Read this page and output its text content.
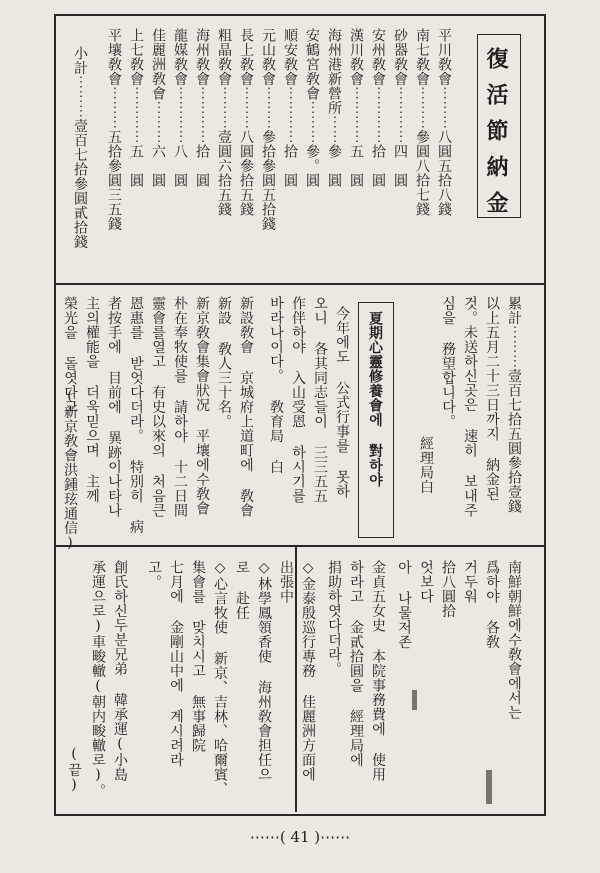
復活節納金
平川敎會⋯⋯⋯八圓五拾八錢
南七敎會⋯⋯⋯參圓八拾七錢
砂器敎會⋯⋯⋯⋯四　圓
安州敎會⋯⋯⋯⋯拾　圓
漢川敎會⋯⋯⋯⋯五　圓
海州港新營所⋯⋯參　圓
安鶴宮敎會⋯⋯⋯參。圓
順安敎會⋯⋯⋯⋯拾　圓
元山敎會⋯⋯⋯參拾參圓五拾錢
長上敎會⋯⋯⋯八圓參拾五錢
粗晶敎會⋯⋯⋯壹圓六拾五錢
海州敎會⋯⋯⋯⋯拾　圓
龍媒敎會⋯⋯⋯⋯八　圓
佳麗洲敎會⋯⋯⋯六　圓
上七敎會⋯⋯⋯⋯五　圓
平壤敎會⋯⋯⋯五拾參圓三五錢
小計⋯⋯⋯壹百七拾參圓貳拾錢
累計⋯⋯⋯壹百七拾五圓參拾壹錢
以上五月二十三日까지 納金된
것。未送하신곳은 速히 보내주
심을 務望합니다。
經理局白
夏期心靈修養會에 對하야
今年에도 公式行事를 못하
오니 各其同志들이 三三五五
作伴하야 入山受恩 하시기를
바라나이다。 敎育局 白
新設敎會 京城府上道町에 敎會
新設 敎人三十名。
新京敎會集會狀况 平壤에수敎會
朴在奉牧使를 請하야 十二日間
靈會를열고 有史以來의 처음큰
恩惠를 받엇다더라。 特別히 病
者按手에 目前에 異跡이나타나
主의權能을 더욱믿으며 主께
榮光을 돌엿다고
(新京敎會洪鍾玹通信)
南鮮朝鮮에수敎會에서는
爲하야 各敎
거두워
拾八圓拾
엇보다
아 나물저존
金貞五女史 本院事務費에 使用
하라고 金貳拾圓을 經理局에
捐助하엿다더라。
◇金泰殷巡行專務 佳麗洲方面에
出張中
◇林學鳳領香使 海州敎會担任으
로 赴任
◇心言牧使 新京、吉林、哈爾賓、
集會를 맞치시고 無事歸院
七月에 金剛山中에 계시려라
고。
創氏하신두분兄弟 韓承運(小島
承運으로)車畯轍(朝内畯轍로)。
(끝)
⋯⋯( 41 )⋯⋯
